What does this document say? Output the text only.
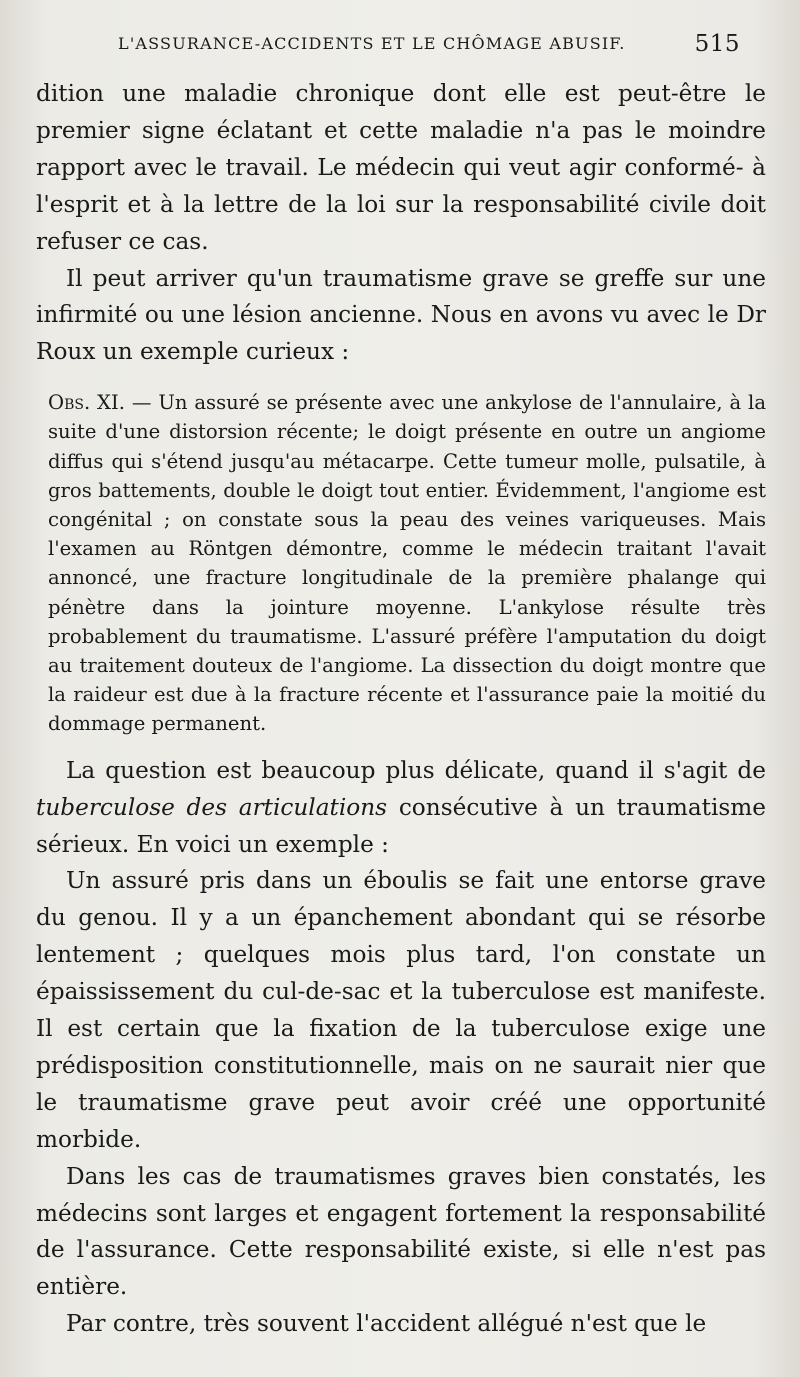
L'ASSURANCE-ACCIDENTS ET LE CHÔMAGE ABUSIF.	515

dition une maladie chronique dont elle est peut-être le premier signe éclatant et cette maladie n'a pas le moindre rapport avec le travail. Le médecin qui veut agir conformé- à l'esprit et à la lettre de la loi sur la responsabilité civile doit refuser ce cas.

Il peut arriver qu'un traumatisme grave se greffe sur une infirmité ou une lésion ancienne. Nous en avons vu avec le Dr Roux un exemple curieux :

Obs. XI. — Un assuré se présente avec une ankylose de l'annulaire, à la suite d'une distorsion récente; le doigt présente en outre un angiome diffus qui s'étend jusqu'au métacarpe. Cette tumeur molle, pulsatile, à gros battements, double le doigt tout entier. Évidemment, l'angiome est congénital ; on constate sous la peau des veines variqueuses. Mais l'examen au Röntgen démontre, comme le médecin traitant l'avait annoncé, une fracture longitudinale de la première phalange qui pénètre dans la jointure moyenne. L'ankylose résulte très probablement du traumatisme. L'assuré préfère l'amputation du doigt au traitement douteux de l'angiome. La dissection du doigt montre que la raideur est due à la fracture récente et l'assurance paie la moitié du dommage permanent.

La question est beaucoup plus délicate, quand il s'agit de tuberculose des articulations consécutive à un traumatisme sérieux. En voici un exemple :

Un assuré pris dans un éboulis se fait une entorse grave du genou. Il y a un épanchement abondant qui se résorbe lentement ; quelques mois plus tard, l'on constate un épaississement du cul-de-sac et la tuberculose est manifeste. Il est certain que la fixation de la tuberculose exige une prédisposition constitutionnelle, mais on ne saurait nier que le traumatisme grave peut avoir créé une opportunité morbide.

Dans les cas de traumatismes graves bien constatés, les médecins sont larges et engagent fortement la responsabilité de l'assurance. Cette responsabilité existe, si elle n'est pas entière.

Par contre, très souvent l'accident allégué n'est que le
